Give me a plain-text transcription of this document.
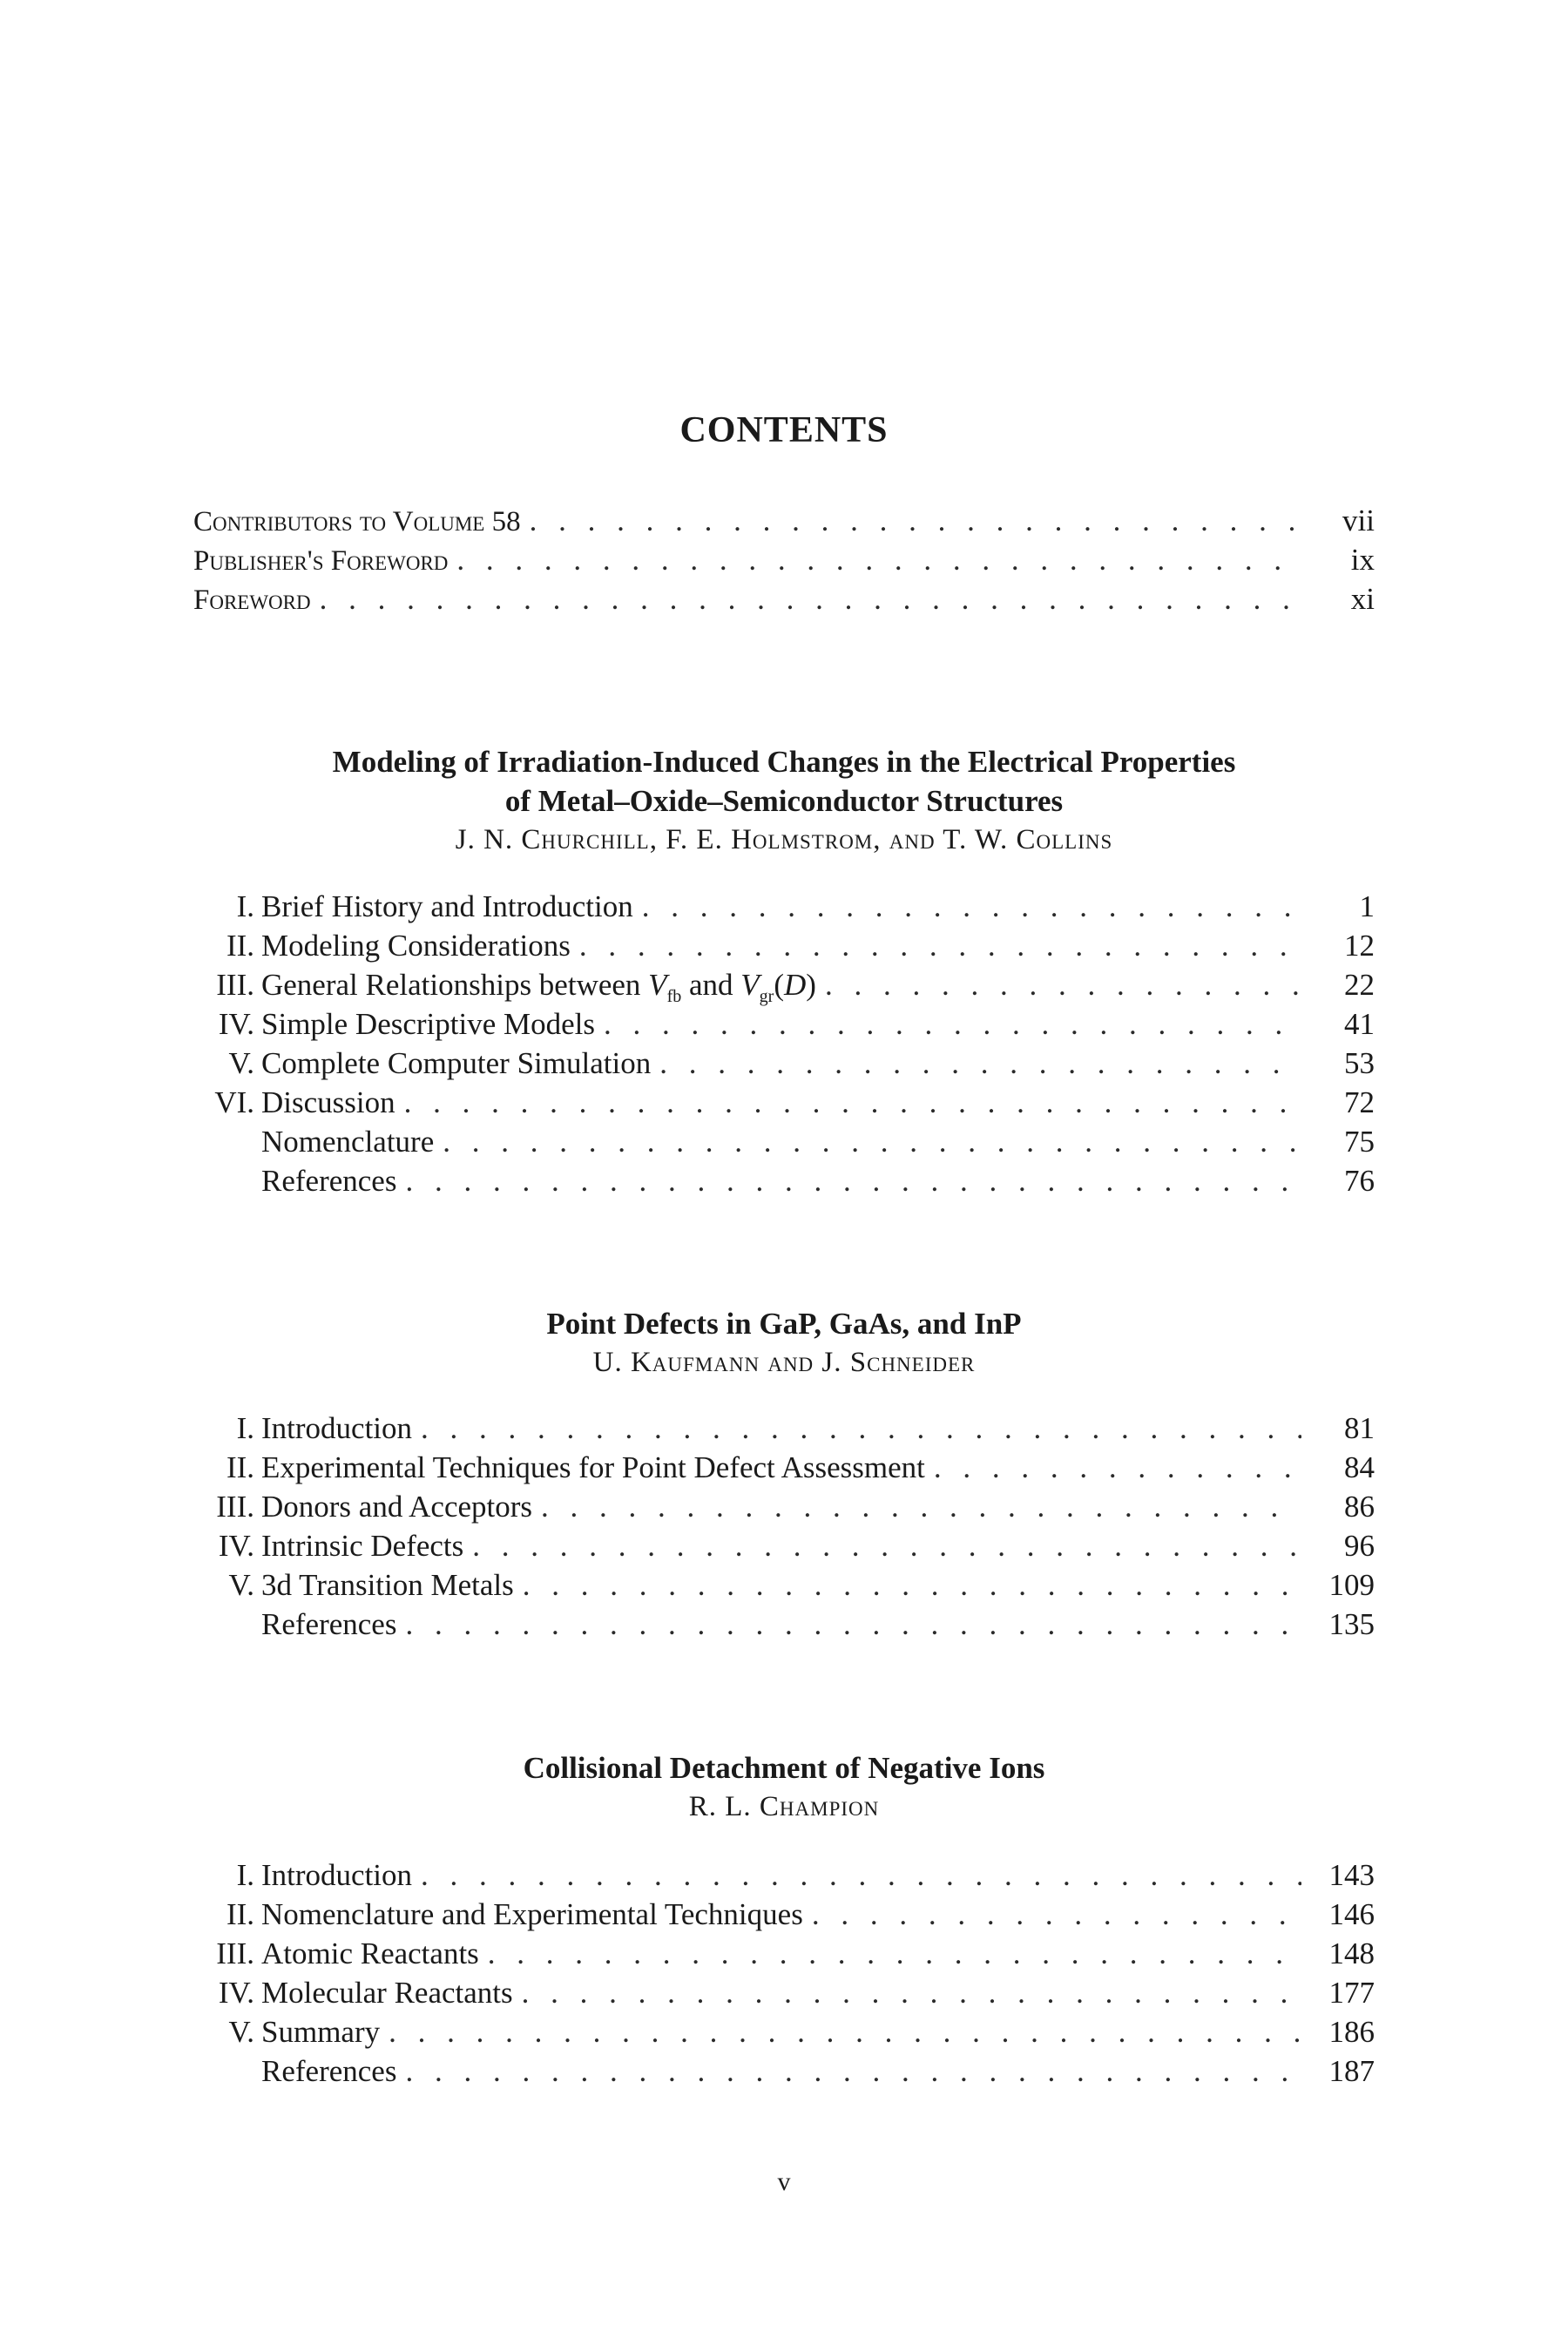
CONTENTS
Contributors to Volume 58 . . .	vii
Publisher's Foreword . . .	ix
Foreword . . .	xi
Modeling of Irradiation-Induced Changes in the Electrical Properties
of Metal–Oxide–Semiconductor Structures
J. N. Churchill, F. E. Holmstrom, and T. W. Collins
I. Brief History and Introduction . . .	1
II. Modeling Considerations . . .	12
III. General Relationships between $V_{fb}$ and $V_{gr}(D)$ . . .	22
IV. Simple Descriptive Models . . .	41
V. Complete Computer Simulation . . .	53
VI. Discussion . . .	72
Nomenclature . . .	75
References . . .	76
Point Defects in GaP, GaAs, and InP
U. Kaufmann and J. Schneider
I. Introduction . . .	81
II. Experimental Techniques for Point Defect Assessment . . .	84
III. Donors and Acceptors . . .	86
IV. Intrinsic Defects . . .	96
V. 3d Transition Metals . . .	109
References . . .	135
Collisional Detachment of Negative Ions
R. L. Champion
I. Introduction . . .	143
II. Nomenclature and Experimental Techniques . . .	146
III. Atomic Reactants . . .	148
IV. Molecular Reactants . . .	177
V. Summary . . .	186
References . . .	187
v
